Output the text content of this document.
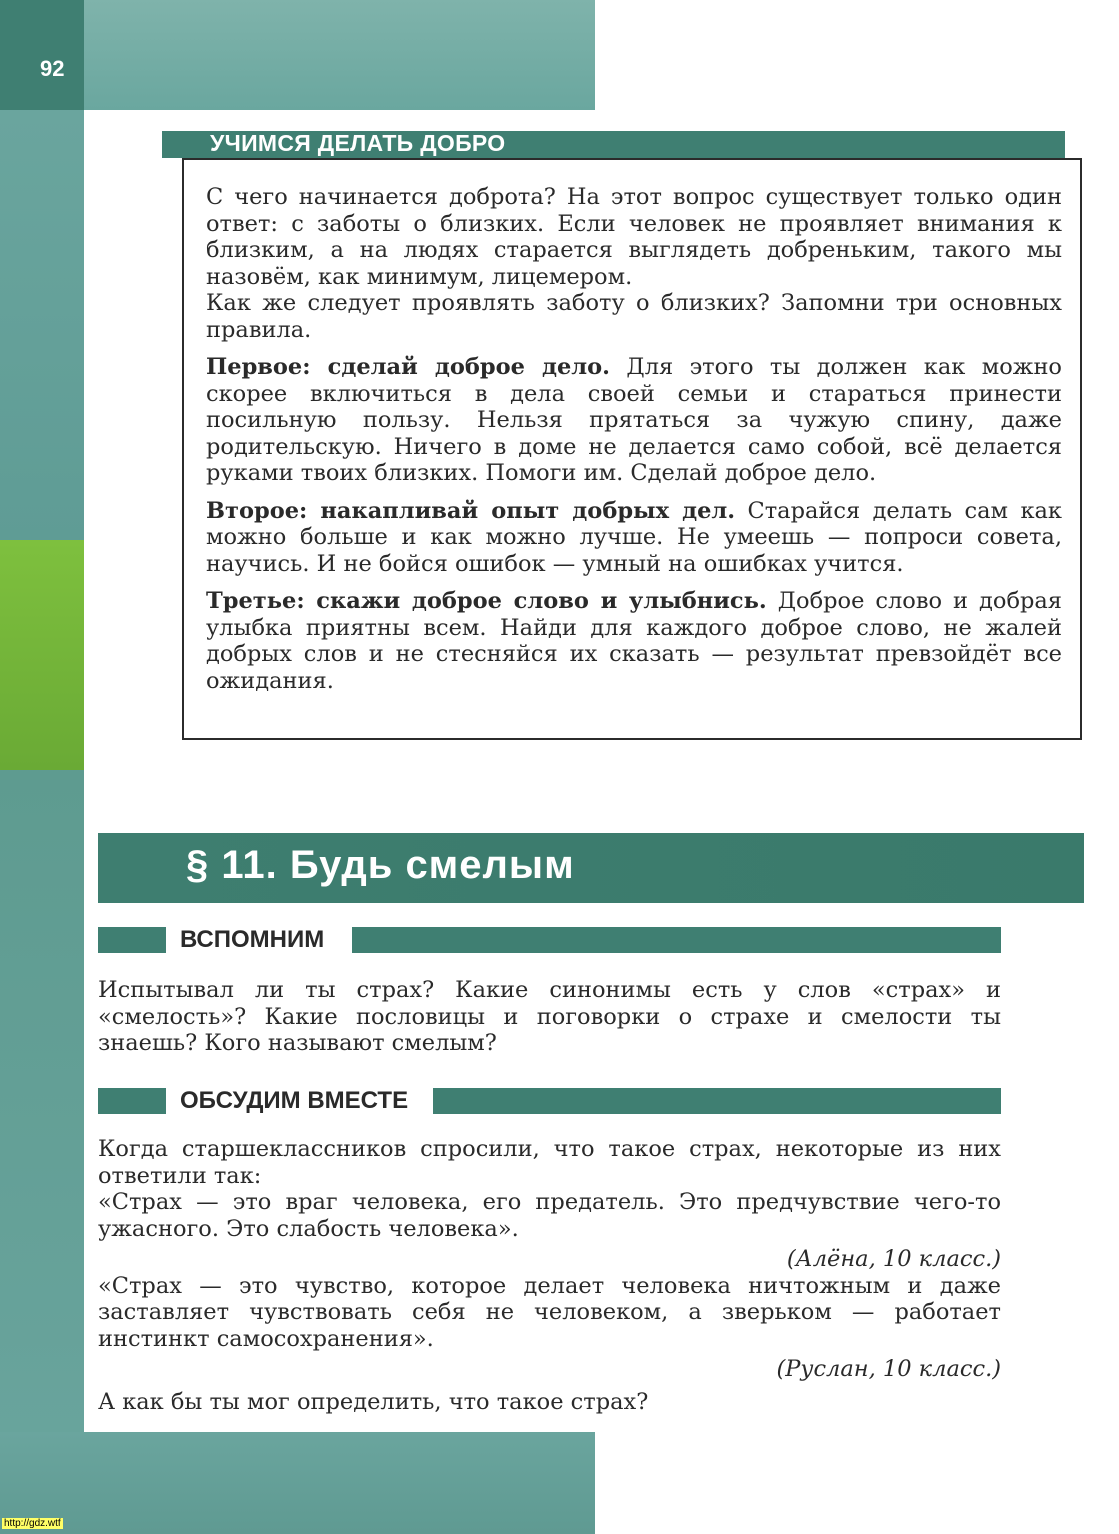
92
УЧИМСЯ ДЕЛАТЬ ДОБРО

С чего начинается доброта? На этот вопрос существует только один ответ: с заботы о близких. Если человек не проявляет внимания к близким, а на людях старается выглядеть добреньким, такого мы назовём, как минимум, лицемером.

Как же следует проявлять заботу о близких? Запомни три основных правила.

Первое: сделай доброе дело. Для этого ты должен как можно скорее включиться в дела своей семьи и стараться принести посильную пользу. Нельзя прятаться за чужую спину, даже родительскую. Ничего в доме не делается само собой, всё делается руками твоих близких. Помоги им. Сделай доброе дело.

Второе: накапливай опыт добрых дел. Старайся делать сам как можно больше и как можно лучше. Не умеешь — попроси совета, научись. И не бойся ошибок — умный на ошибках учится.

Третье: скажи доброе слово и улыбнись. Доброе слово и добрая улыбка приятны всем. Найди для каждого доброе слово, не жалей добрых слов и не стесняйся их сказать — результат превзойдёт все ожидания.

§ 11. Будь смелым
ВСПОМНИМ

Испытывал ли ты страх? Какие синонимы есть у слов «страх» и «смелость»? Какие пословицы и поговорки о страхе и смелости ты знаешь? Кого называют смелым?

ОБСУДИМ ВМЕСТЕ

Когда старшеклассников спросили, что такое страх, некоторые из них ответили так:

«Страх — это враг человека, его предатель. Это предчувствие чего-то ужасного. Это слабость человека».

(Алёна, 10 класс.)

«Страх — это чувство, которое делает человека ничтожным и даже заставляет чувствовать себя не человеком, а зверьком — работает инстинкт самосохранения».

(Руслан, 10 класс.)

А как бы ты мог определить, что такое страх?

http://gdz.wtf
